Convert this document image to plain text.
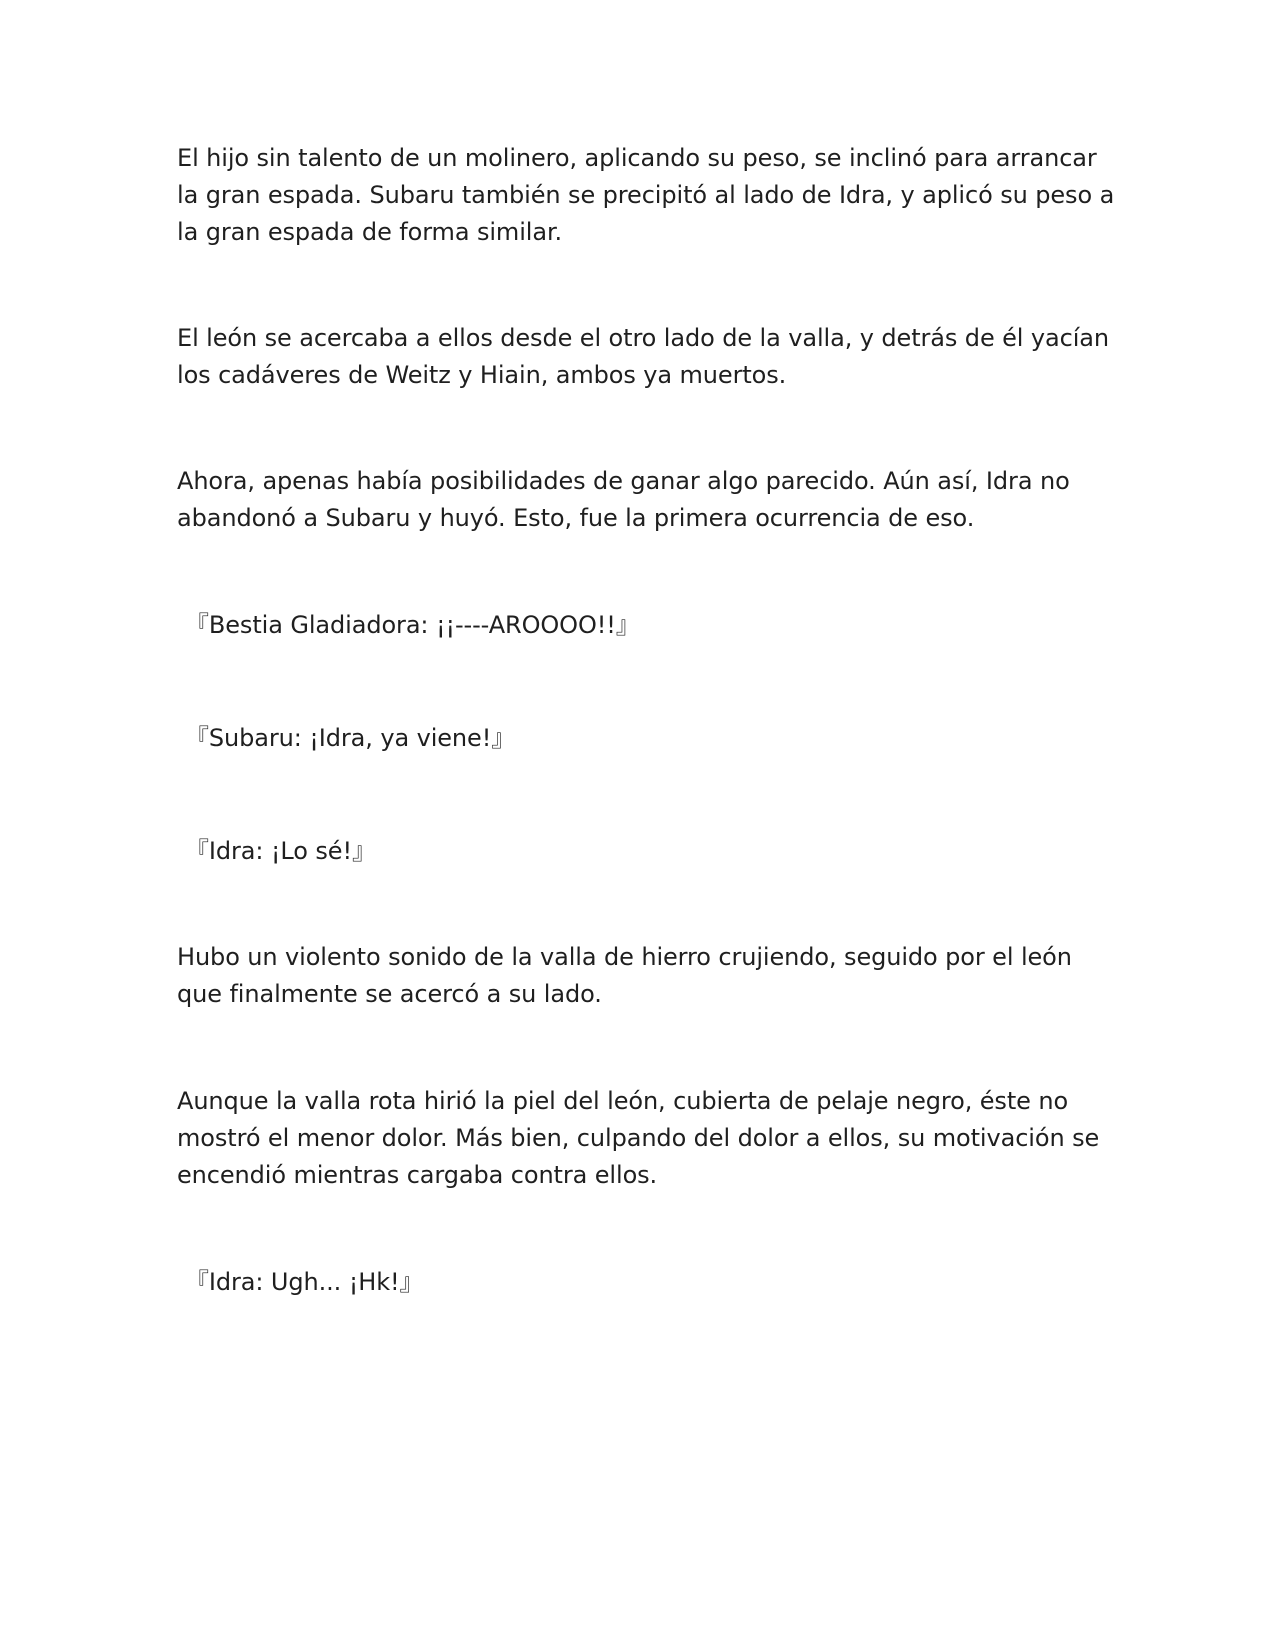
El hijo sin talento de un molinero, aplicando su peso, se inclinó para arrancar

la gran espada. Subaru también se precipitó al lado de Idra, y aplicó su peso a

la gran espada de forma similar.

El león se acercaba a ellos desde el otro lado de la valla, y detrás de él yacían

los cadáveres de Weitz y Hiain, ambos ya muertos.

Ahora, apenas había posibilidades de ganar algo parecido. Aún así, Idra no

abandonó a Subaru y huyó. Esto, fue la primera ocurrencia de eso.

『Bestia Gladiadora: ¡¡----AROOOO!!』

『Subaru: ¡Idra, ya viene!』

『Idra: ¡Lo sé!』

Hubo un violento sonido de la valla de hierro crujiendo, seguido por el león

que finalmente se acercó a su lado.

Aunque la valla rota hirió la piel del león, cubierta de pelaje negro, éste no

mostró el menor dolor. Más bien, culpando del dolor a ellos, su motivación se

encendió mientras cargaba contra ellos.

『Idra: Ugh... ¡Hk!』
